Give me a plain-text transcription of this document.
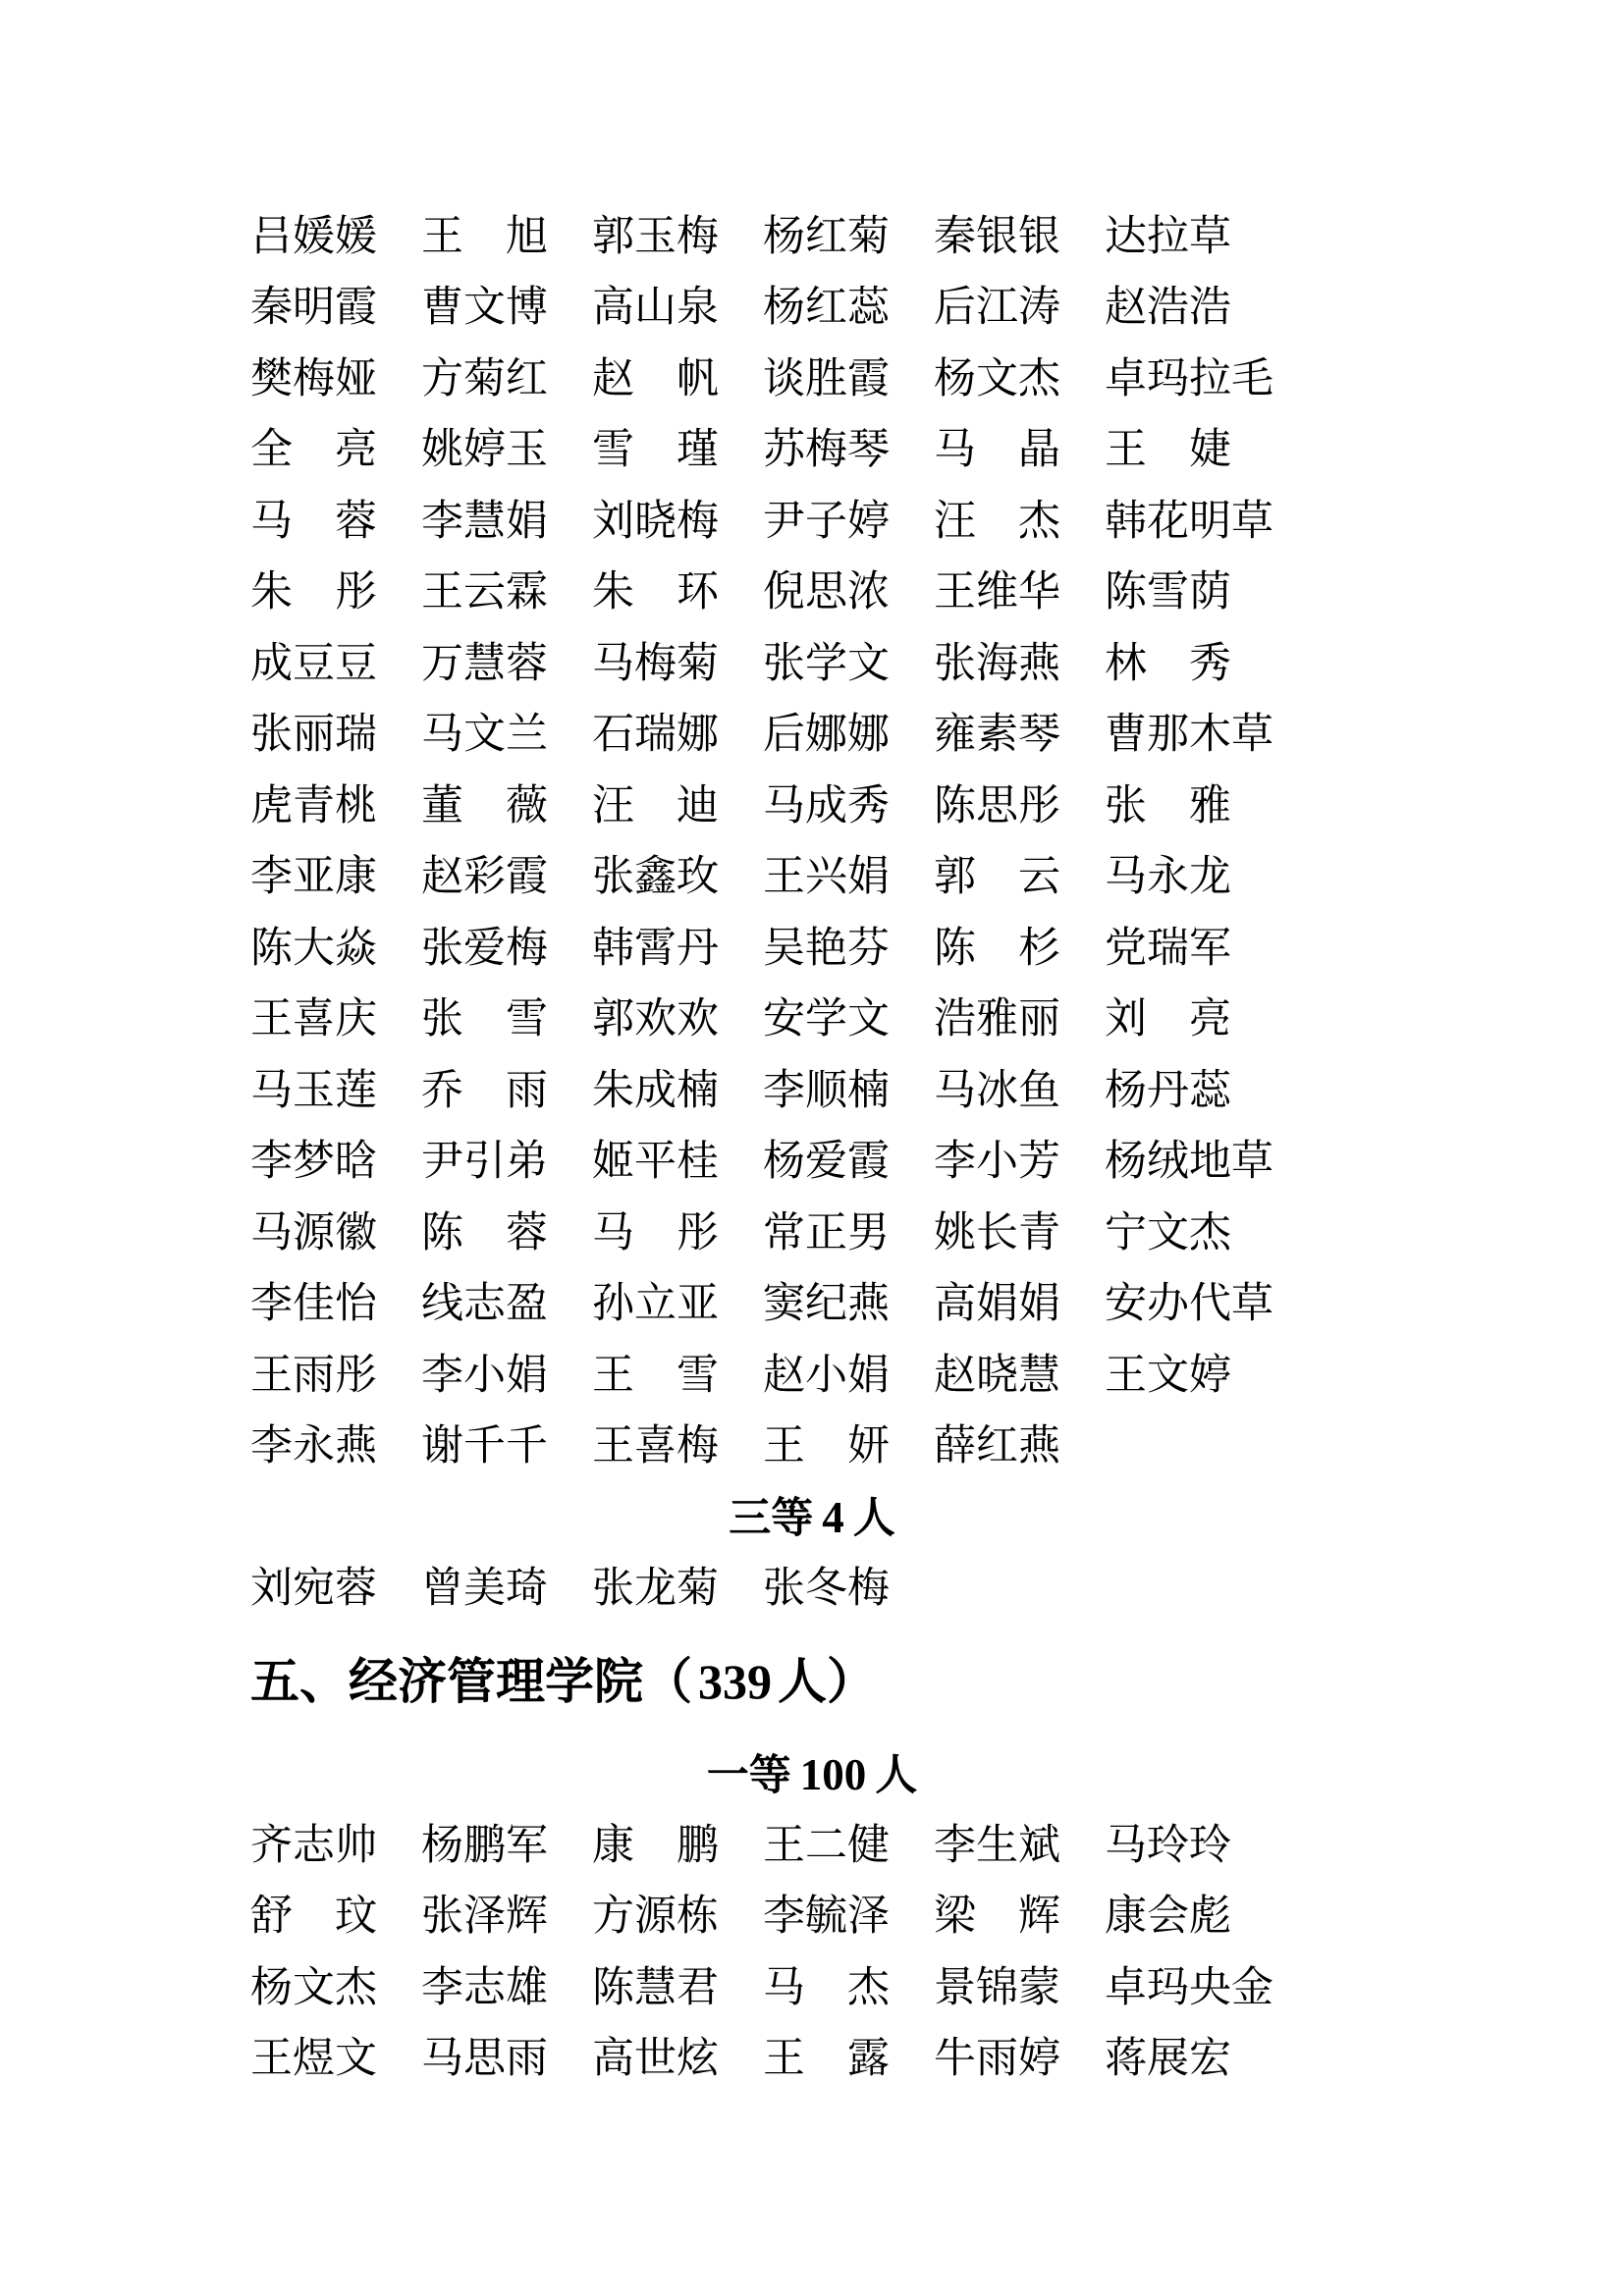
吕媛媛	王　旭	郭玉梅	杨红菊	秦银银	达拉草
秦明霞	曹文博	高山泉	杨红蕊	后江涛	赵浩浩
樊梅娅	方菊红	赵　帆	谈胜霞	杨文杰	卓玛拉毛
全　亮	姚婷玉	雪　瑾	苏梅琴	马　晶	王　婕
马　蓉	李慧娟	刘晓梅	尹子婷	汪　杰	韩花明草
朱　彤	王云霖	朱　环	倪思浓	王维华	陈雪荫
成豆豆	万慧蓉	马梅菊	张学文	张海燕	林　秀
张丽瑞	马文兰	石瑞娜	后娜娜	雍素琴	曹那木草
虎青桃	董　薇	汪　迪	马成秀	陈思彤	张　雅
李亚康	赵彩霞	张鑫玫	王兴娟	郭　云	马永龙
陈大焱	张爱梅	韩霄丹	吴艳芬	陈　杉	党瑞军
王喜庆	张　雪	郭欢欢	安学文	浩雅丽	刘　亮
马玉莲	乔　雨	朱成楠	李顺楠	马冰鱼	杨丹蕊
李梦晗	尹引弟	姬平桂	杨爱霞	李小芳	杨绒地草
马源徽	陈　蓉	马　彤	常正男	姚长青	宁文杰
李佳怡	线志盈	孙立亚	窦纪燕	高娟娟	安办代草
王雨彤	李小娟	王　雪	赵小娟	赵晓慧	王文婷
李永燕	谢千千	王喜梅	王　妍	薛红燕
三等 4 人
刘宛蓉	曾美琦	张龙菊	张冬梅
五、经济管理学院（ 339 人）
一等 100 人
齐志帅	杨鹏军	康　鹏	王二健	李生斌	马玲玲
舒　玟	张泽辉	方源栋	李毓泽	梁　辉	康会彪
杨文杰	李志雄	陈慧君	马　杰	景锦蒙	卓玛央金
王煜文	马思雨	高世炫	王　露	牛雨婷	蒋展宏
